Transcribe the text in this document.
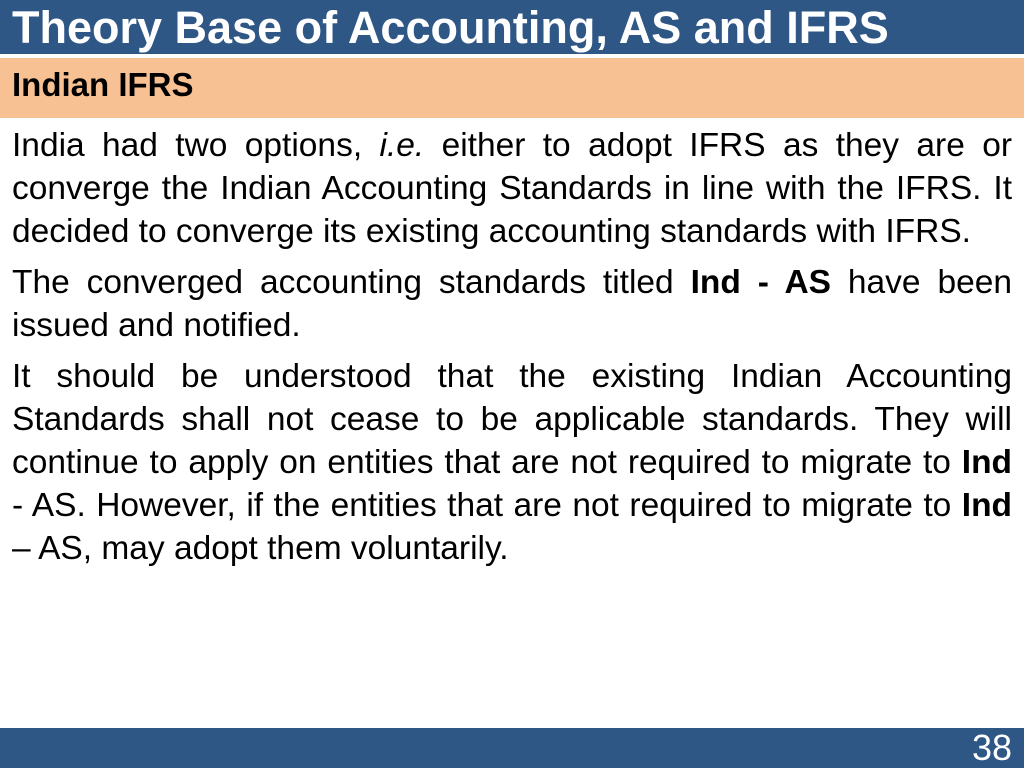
Theory Base of Accounting, AS and IFRS
Indian IFRS

India had two options, i.e. either to adopt IFRS as they are or converge the Indian Accounting Standards in line with the IFRS. It decided to converge its existing accounting standards with IFRS.

The converged accounting standards titled Ind - AS have been issued and notified.

It should be understood that the existing Indian Accounting Standards shall not cease to be applicable standards. They will continue to apply on entities that are not required to migrate to Ind - AS. However, if the entities that are not required to migrate to Ind – AS, may adopt them voluntarily.

38
